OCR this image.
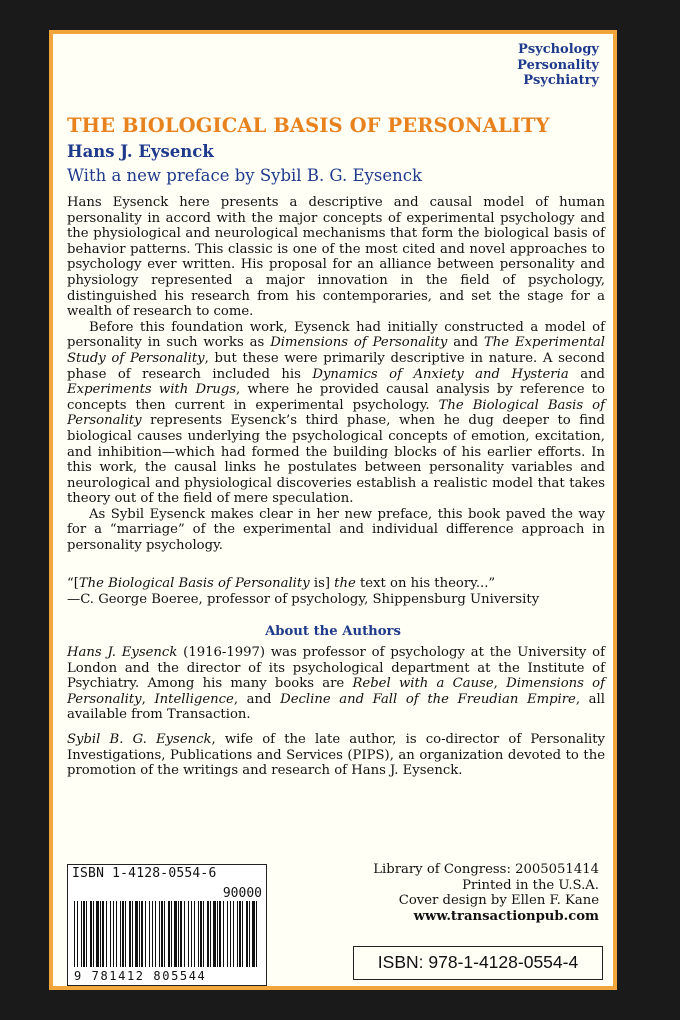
Psychology
Personality
Psychiatry
THE BIOLOGICAL BASIS OF PERSONALITY
Hans J. Eysenck
With a new preface by Sybil B. G. Eysenck

Hans Eysenck here presents a descriptive and causal model of human personality in accord with the major concepts of experimental psychology and the physiological and neurological mechanisms that form the biological basis of behavior patterns. This classic is one of the most cited and novel approaches to psychology ever written. His proposal for an alliance between personality and physiology represented a major innovation in the field of psychology, distinguished his research from his contemporaries, and set the stage for a wealth of research to come.

Before this foundation work, Eysenck had initially constructed a model of personality in such works as Dimensions of Personality and The Experimental Study of Personality, but these were primarily descriptive in nature. A second phase of research included his Dynamics of Anxiety and Hysteria and Experiments with Drugs, where he provided causal analysis by reference to concepts then current in experimental psychology. The Biological Basis of Personality represents Eysenck’s third phase, when he dug deeper to find biological causes underlying the psychological concepts of emotion, excitation, and inhibition—which had formed the building blocks of his earlier efforts. In this work, the causal links he postulates between personality variables and neurological and physiological discoveries establish a realistic model that takes theory out of the field of mere speculation.

As Sybil Eysenck makes clear in her new preface, this book paved the way for a “marriage” of the experimental and individual difference approach in personality psychology.

“[The Biological Basis of Personality is] the text on his theory...”

—C. George Boeree, professor of psychology, Shippensburg University

About the Authors

Hans J. Eysenck (1916-1997) was professor of psychology at the University of London and the director of its psychological department at the Institute of Psychiatry. Among his many books are Rebel with a Cause, Dimensions of Personality, Intelligence, and Decline and Fall of the Freudian Empire, all available from Transaction.

Sybil B. G. Eysenck, wife of the late author, is co-director of Personality Investigations, Publications and Services (PIPS), an organization devoted to the promotion of the writings and research of Hans J. Eysenck.

ISBN 1-4128-0554-6
90000
9 781412 805544
Library of Congress: 2005051414
Printed in the U.S.A.
Cover design by Ellen F. Kane
www.transactionpub.com
ISBN: 978-1-4128-0554-4
